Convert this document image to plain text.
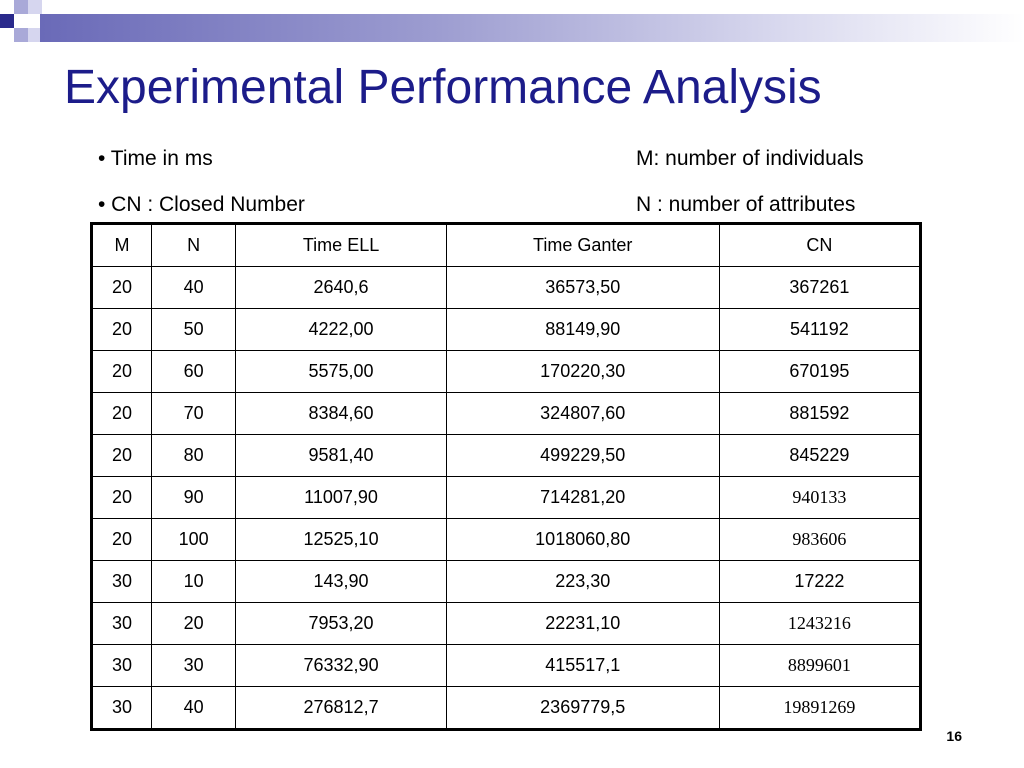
Experimental Performance Analysis
• Time in ms
• CN : Closed Number
M: number of individuals
N : number of attributes
M	N	Time ELL	Time Ganter	CN
20	40	2640,6	36573,50	367261
20	50	4222,00	88149,90	541192
20	60	5575,00	170220,30	670195
20	70	8384,60	324807,60	881592
20	80	9581,40	499229,50	845229
20	90	11007,90	714281,20	940133
20	100	12525,10	1018060,80	983606
30	10	143,90	223,30	17222
30	20	7953,20	22231,10	1243216
30	30	76332,90	415517,1	8899601
30	40	276812,7	2369779,5	19891269
16
